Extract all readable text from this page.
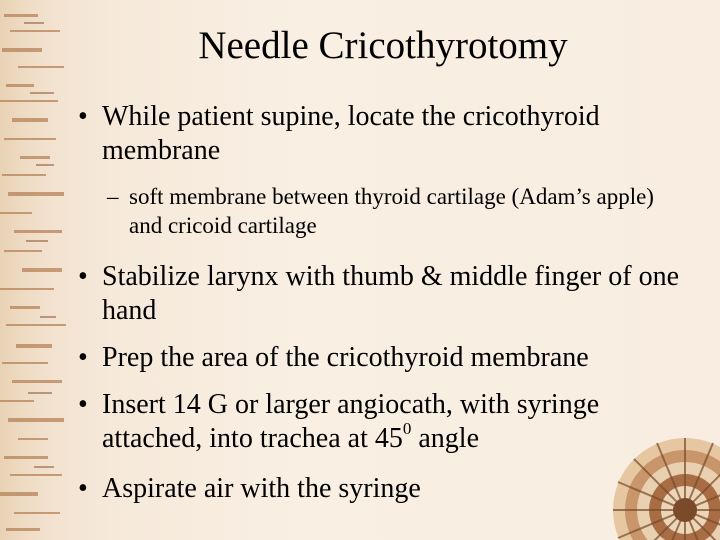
Needle Cricothyrotomy
• While patient supine, locate the cricothyroid membrane
– soft membrane between thyroid cartilage (Adam’s apple) and cricoid cartilage
• Stabilize larynx with thumb & middle finger of one hand
• Prep the area of the cricothyroid membrane
• Insert 14 G or larger angiocath, with syringe attached, into trachea at $45^0$ angle
• Aspirate air with the syringe
